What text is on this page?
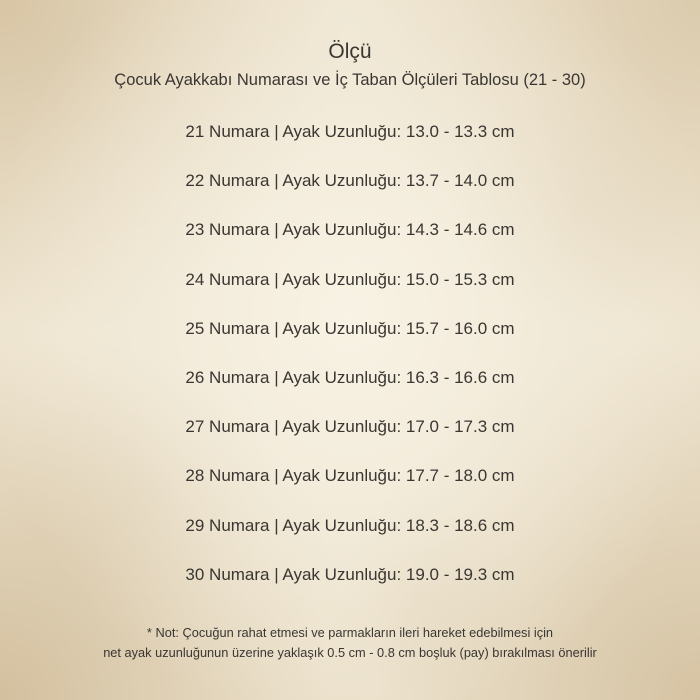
Ölçü
Çocuk Ayakkabı Numarası ve İç Taban Ölçüleri Tablosu (21 - 30)
21 Numara | Ayak Uzunluğu: 13.0 - 13.3 cm
22 Numara | Ayak Uzunluğu: 13.7 - 14.0 cm
23 Numara | Ayak Uzunluğu: 14.3 - 14.6 cm
24 Numara | Ayak Uzunluğu: 15.0 - 15.3 cm
25 Numara | Ayak Uzunluğu: 15.7 - 16.0 cm
26 Numara | Ayak Uzunluğu: 16.3 - 16.6 cm
27 Numara | Ayak Uzunluğu: 17.0 - 17.3 cm
28 Numara | Ayak Uzunluğu: 17.7 - 18.0 cm
29 Numara | Ayak Uzunluğu: 18.3 - 18.6 cm
30 Numara | Ayak Uzunluğu: 19.0 - 19.3 cm
* Not: Çocuğun rahat etmesi ve parmakların ileri hareket edebilmesi için
net ayak uzunluğunun üzerine yaklaşık 0.5 cm - 0.8 cm boşluk (pay) bırakılması önerilir
